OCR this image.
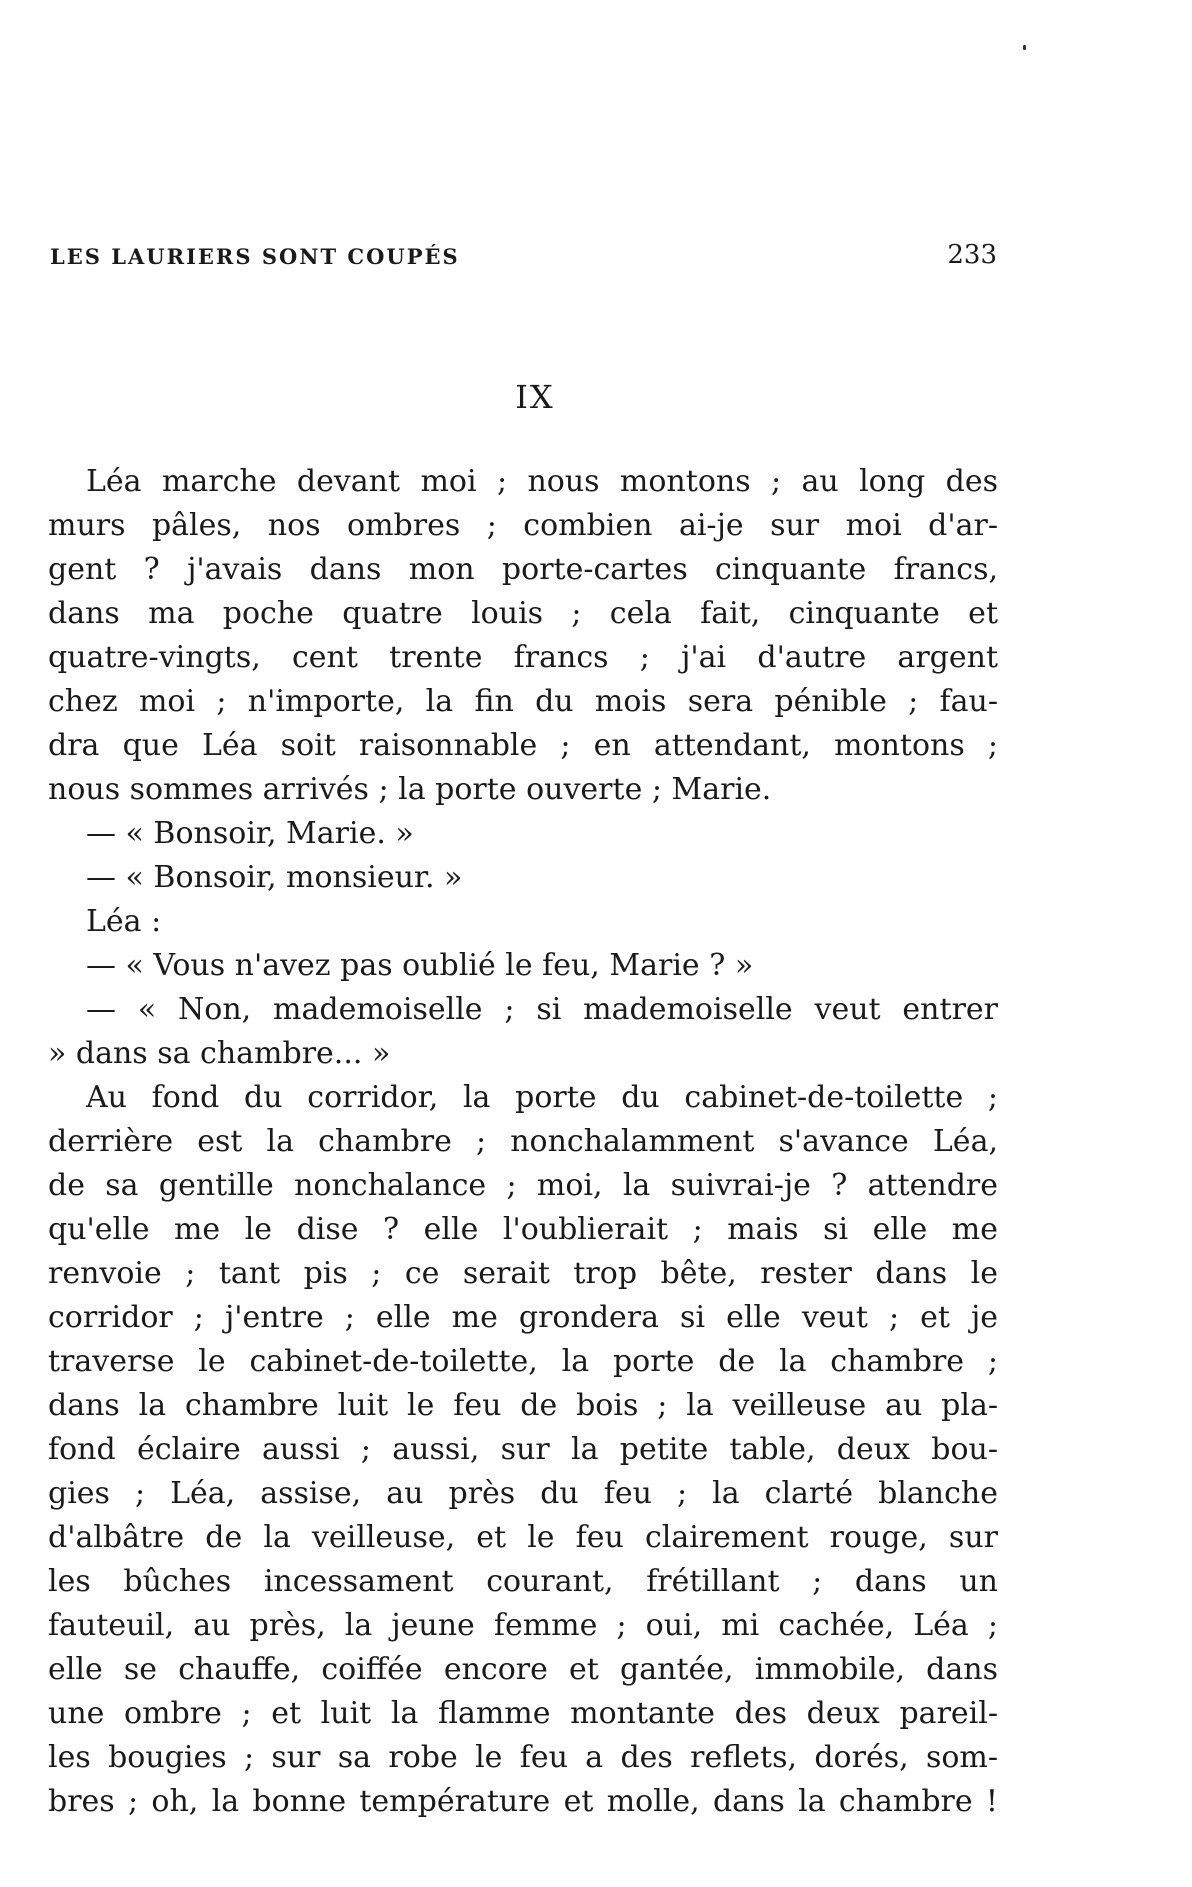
LES LAURIERS SONT COUPÉS	233
IX
Léa marche devant moi ; nous montons ; au long des
murs pâles, nos ombres ; combien ai-je sur moi d'ar-
gent ? j'avais dans mon porte-cartes cinquante francs,
dans ma poche quatre louis ; cela fait, cinquante et
quatre-vingts, cent trente francs ; j'ai d'autre argent
chez moi ; n'importe, la fin du mois sera pénible ; fau-
dra que Léa soit raisonnable ; en attendant, montons ;
nous sommes arrivés ; la porte ouverte ; Marie.
— « Bonsoir, Marie. »
— « Bonsoir, monsieur. »
Léa :
— « Vous n'avez pas oublié le feu, Marie ? »
— « Non, mademoiselle ; si mademoiselle veut entrer
» dans sa chambre... »
Au fond du corridor, la porte du cabinet-de-toilette ;
derrière est la chambre ; nonchalamment s'avance Léa,
de sa gentille nonchalance ; moi, la suivrai-je ? attendre
qu'elle me le dise ? elle l'oublierait ; mais si elle me
renvoie ; tant pis ; ce serait trop bête, rester dans le
corridor ; j'entre ; elle me grondera si elle veut ; et je
traverse le cabinet-de-toilette, la porte de la chambre ;
dans la chambre luit le feu de bois ; la veilleuse au pla-
fond éclaire aussi ; aussi, sur la petite table, deux bou-
gies ; Léa, assise, au près du feu ; la clarté blanche
d'albâtre de la veilleuse, et le feu clairement rouge, sur
les bûches incessament courant, frétillant ; dans un
fauteuil, au près, la jeune femme ; oui, mi cachée, Léa ;
elle se chauffe, coiffée encore et gantée, immobile, dans
une ombre ; et luit la flamme montante des deux pareil-
les bougies ; sur sa robe le feu a des reflets, dorés, som-
bres ; oh, la bonne température et molle, dans la chambre !
